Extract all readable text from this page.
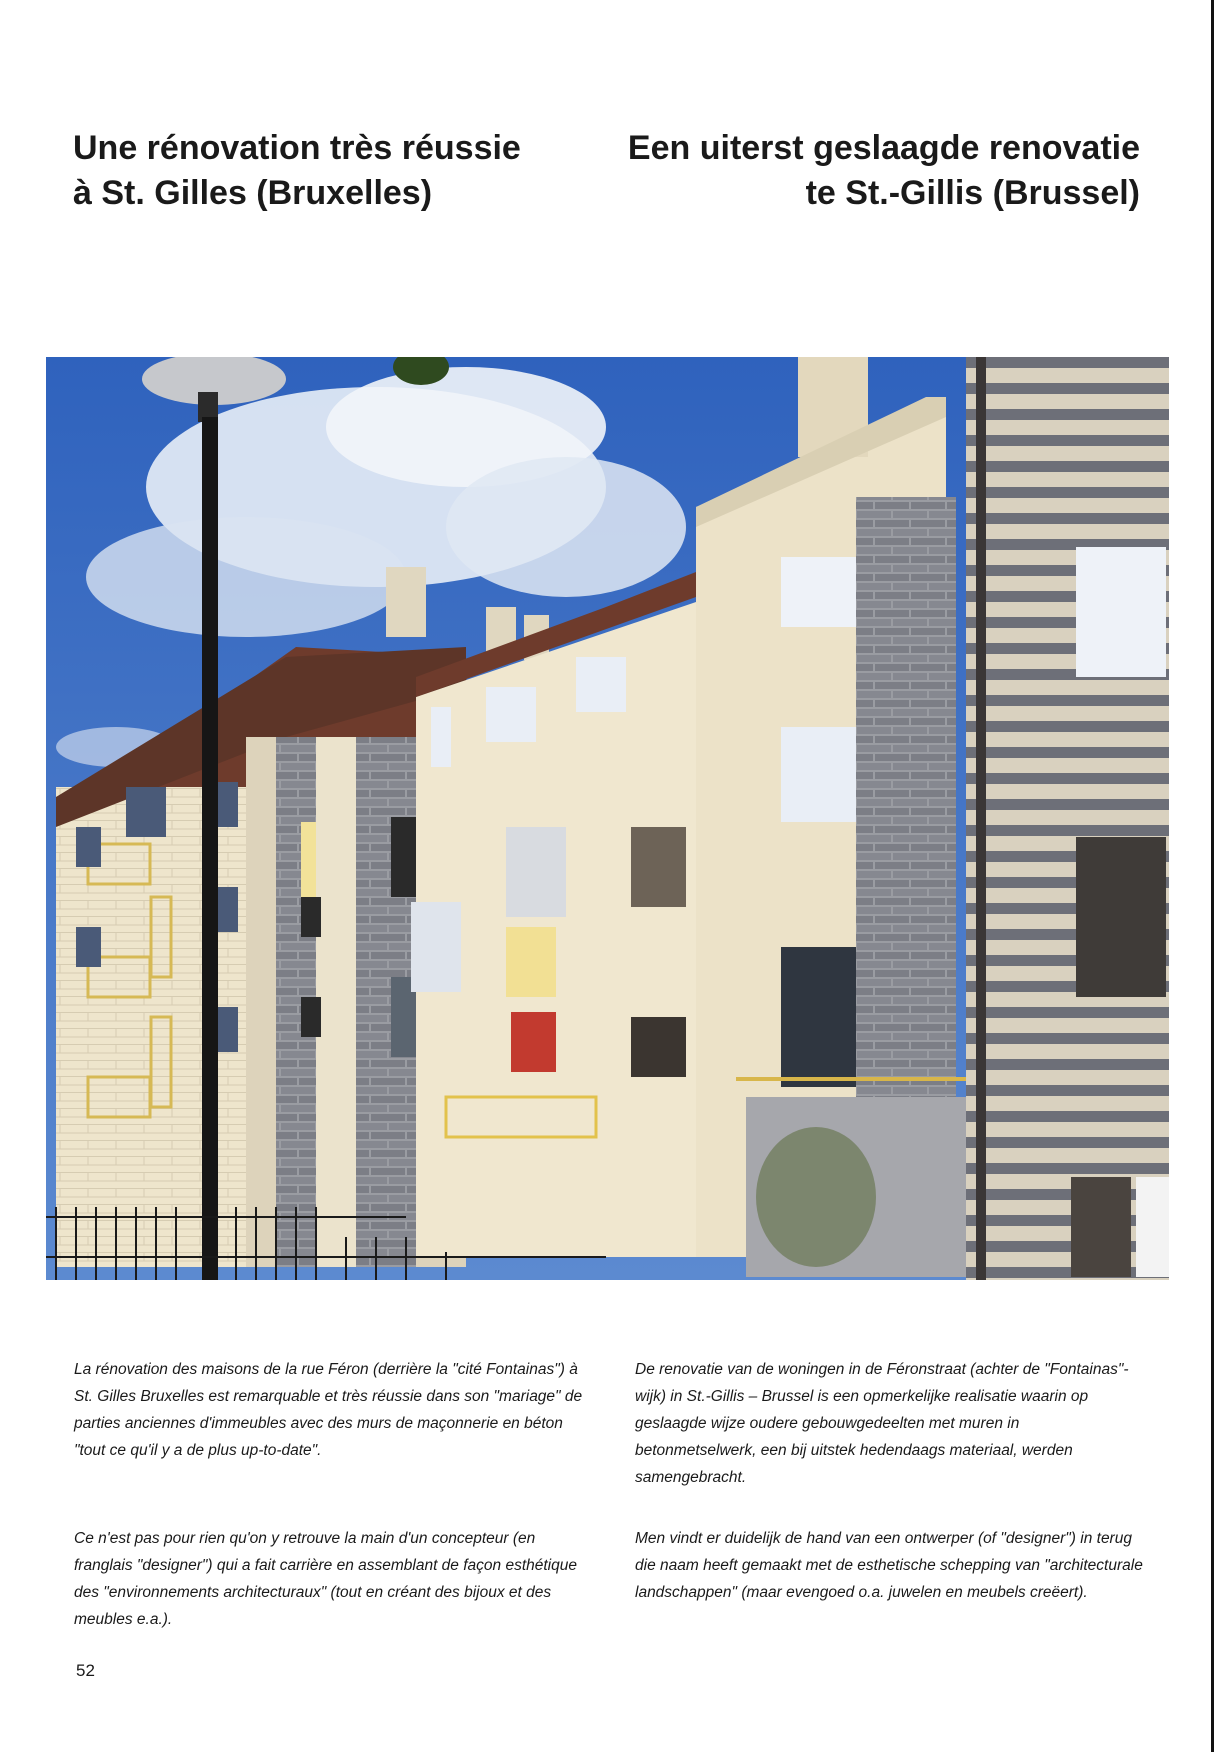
Une rénovation très réussie
à St. Gilles (Bruxelles)
Een uiterst geslaagde renovatie
te St.-Gillis (Brussel)

La rénovation des maisons de la rue Féron (derrière la "cité Fontainas") à St. Gilles Bruxelles est remarquable et très réussie dans son "mariage" de parties anciennes d'immeubles avec des murs de maçonnerie en béton "tout ce qu'il y a de plus up-to-date".

De renovatie van de woningen in de Féronstraat (achter de "Fontainas"-wijk) in St.-Gillis – Brussel is een opmerkelijke realisatie waarin op geslaagde wijze oudere gebouwgedeelten met muren in betonmetselwerk, een bij uitstek hedendaags materiaal, werden samengebracht.

Ce n'est pas pour rien qu'on y retrouve la main d'un concepteur (en franglais "designer") qui a fait carrière en assemblant de façon esthétique des "environnements architecturaux" (tout en créant des bijoux et des meubles e.a.).

Men vindt er duidelijk de hand van een ontwerper (of "designer") in terug die naam heeft gemaakt met de esthetische schepping van "architecturale landschappen" (maar evengoed o.a. juwelen en meubels creëert).

52
